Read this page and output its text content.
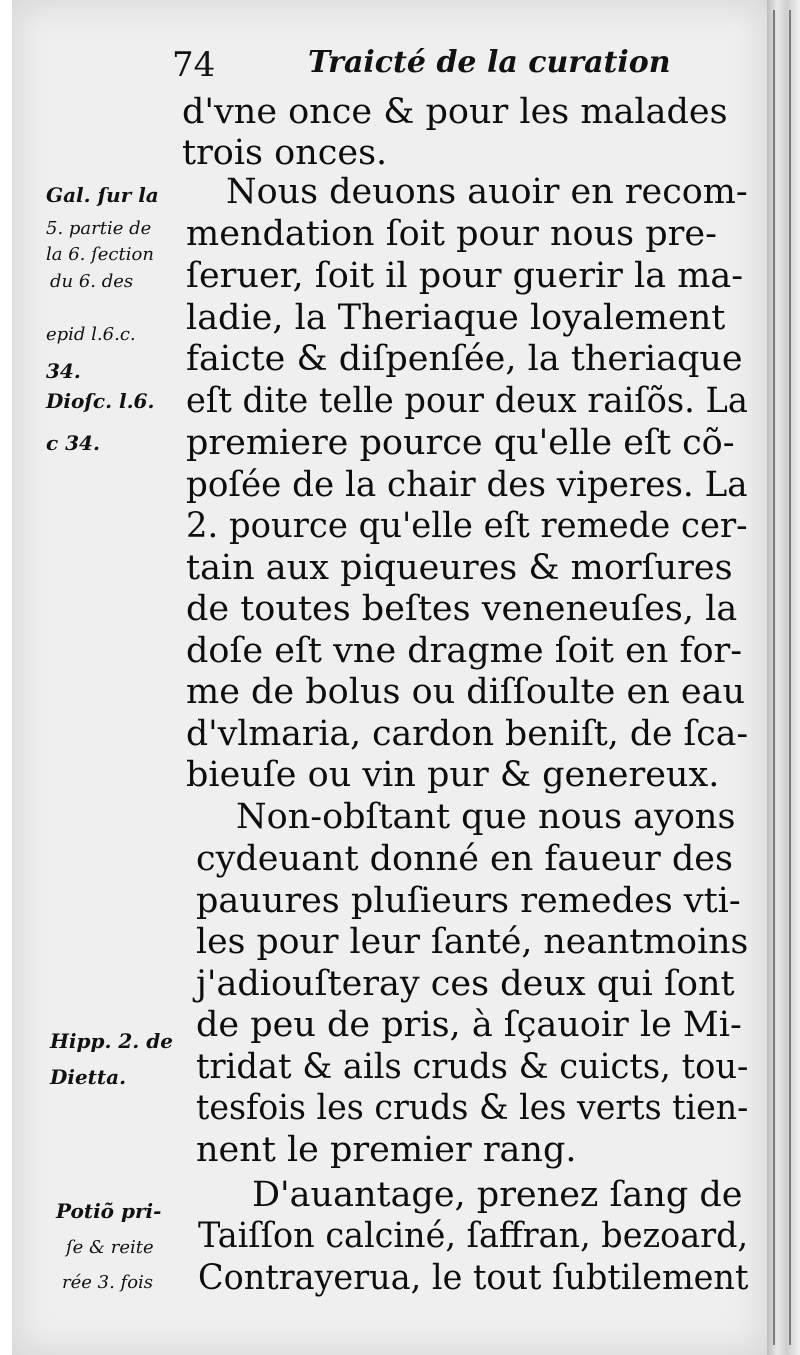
74	Traicté de la curation
d'vne once & pour les malades
trois onces.
Nous deuons auoir en recom-
mendation ſoit pour nous pre-
ſeruer, ſoit il pour guerir la ma-
ladie, la Theriaque loyalement
faicte & diſpenſée, la theriaque
eſt dite telle pour deux raiſõs. La
premiere pource qu'elle eſt cõ-
poſée de la chair des viperes. La
2. pource qu'elle eſt remede cer-
tain aux piqueures & morſures
de toutes beſtes veneneuſes, la
doſe eſt vne dragme ſoit en for-
me de bolus ou diſſoulte en eau
d'vlmaria, cardon beniſt, de ſca-
bieuſe ou vin pur & genereux.
Non-obſtant que nous ayons
cydeuant donné en faueur des
pauures pluſieurs remedes vti-
les pour leur ſanté, neantmoins
j'adiouſteray ces deux qui ſont
de peu de pris, à ſçauoir le Mi-
tridat & ails cruds & cuicts, tou-
tesfois les cruds & les verts tien-
nent le premier rang.
D'auantage, prenez ſang de
Taiſſon calciné, ſaffran, bezoard,
Contrayerua, le tout ſubtilement
Gal. ſur la
5. partie de
la 6. ſection
du 6. des
epid l.6.c.
34.
Dioſc. l.6.
c 34.
Hipp. 2. de
Dietta.
Potiõ pri-
ſe & reite
rée 3. fois
